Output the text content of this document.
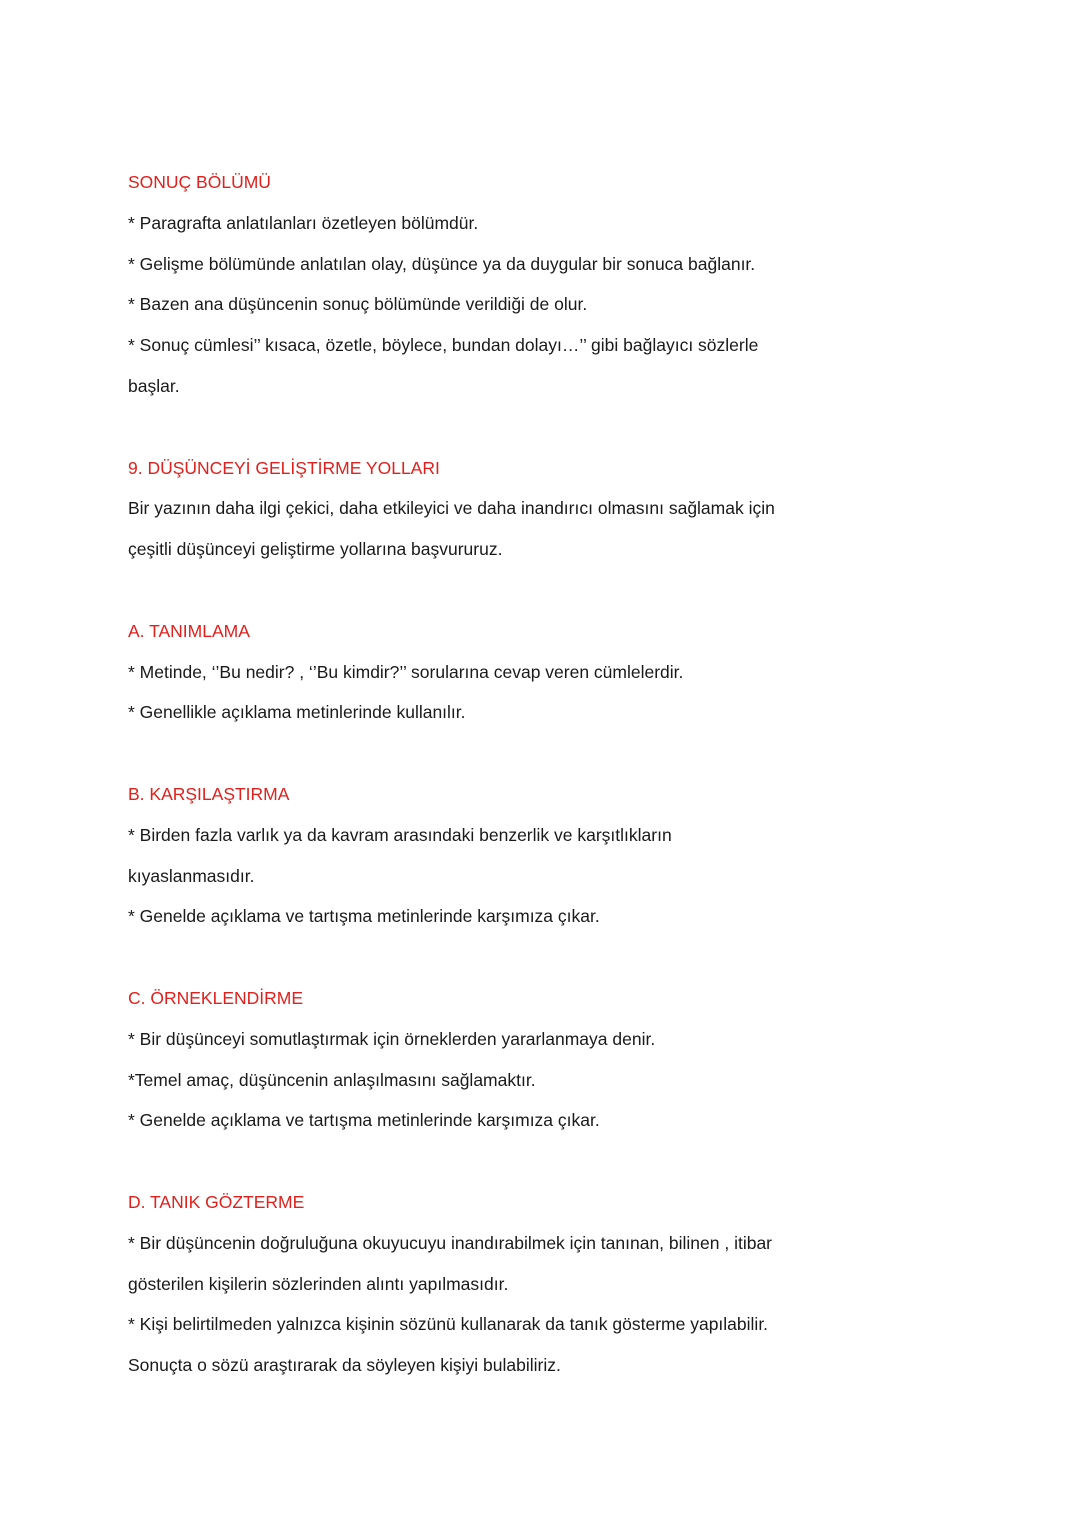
SONUÇ BÖLÜMÜ
* Paragrafta anlatılanları özetleyen bölümdür.
* Gelişme bölümünde anlatılan olay, düşünce ya da duygular bir sonuca bağlanır.
* Bazen ana düşüncenin sonuç bölümünde verildiği de olur.
* Sonuç cümlesi’’ kısaca, özetle, böylece, bundan dolayı…’’ gibi bağlayıcı sözlerle
başlar.
9. DÜŞÜNCEYİ GELİŞTİRME YOLLARI
Bir yazının daha ilgi çekici, daha etkileyici ve daha inandırıcı olmasını sağlamak için
çeşitli düşünceyi geliştirme yollarına başvururuz.
A. TANIMLAMA
* Metinde, ‘’Bu nedir? , ‘’Bu kimdir?’’ sorularına cevap veren cümlelerdir.
* Genellikle açıklama metinlerinde kullanılır.
B. KARŞILAŞTIRMA
* Birden fazla varlık ya da kavram arasındaki benzerlik ve karşıtlıkların
kıyaslanmasıdır.
* Genelde açıklama ve tartışma metinlerinde karşımıza çıkar.
C. ÖRNEKLENDİRME
* Bir düşünceyi somutlaştırmak için örneklerden yararlanmaya denir.
*Temel amaç, düşüncenin anlaşılmasını sağlamaktır.
* Genelde açıklama ve tartışma metinlerinde karşımıza çıkar.
D. TANIK GÖZTERME
* Bir düşüncenin doğruluğuna okuyucuyu inandırabilmek için tanınan, bilinen , itibar
gösterilen kişilerin sözlerinden alıntı yapılmasıdır.
* Kişi belirtilmeden yalnızca kişinin sözünü kullanarak da tanık gösterme yapılabilir.
Sonuçta o sözü araştırarak da söyleyen kişiyi bulabiliriz.
